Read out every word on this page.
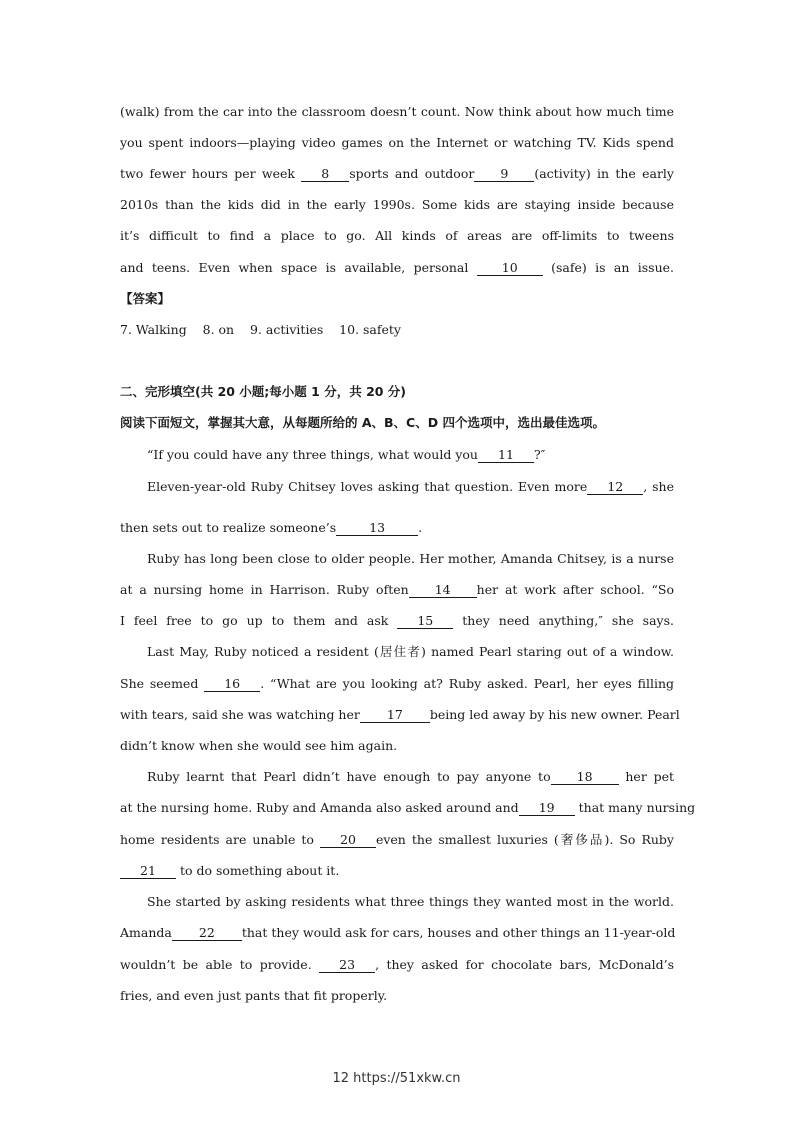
(walk) from the car into the classroom doesn’t count. Now think about how much time
you spent indoors—playing video games on the Internet or watching TV. Kids spend
two fewer hours per week 8 sports and outdoor 9 (activity) in the early
2010s than the kids did in the early 1990s. Some kids are staying inside because
it’s difficult to find a place to go. All kinds of areas are off-limits to tweens
and teens. Even when space is available, personal 10 (safe) is an issue.
【答案】
7. Walking    8. on    9. activities    10. safety
二、完形填空(共 20 小题;每小题 1 分，共 20 分)
阅读下面短文，掌握其大意，从每题所给的 A、B、C、D 四个选项中，选出最佳选项。
“If you could have any three things, what would you 11 ?″
Eleven-year-old Ruby Chitsey loves asking that question. Even more 12 , she
then sets out to realize someone’s	13	.
Ruby has long been close to older people. Her mother, Amanda Chitsey, is a nurse
at a nursing home in Harrison. Ruby often 14 her at work after school. “So
I feel free to go up to them and ask 15 they need anything,″ she says.
Last May, Ruby noticed a resident (居住者) named Pearl staring out of a window.
She seemed 16 . “What are you looking at? Ruby asked. Pearl, her eyes filling
with tears, said she was watching her 17 being led away by his new owner. Pearl
didn’t know when she would see him again.
Ruby learnt that Pearl didn’t have enough to pay anyone to 18 her pet
at the nursing home. Ruby and Amanda also asked around and 19 that many nursing
home residents are unable to 20 even the smallest luxuries (奢侈品). So Ruby
21 to do something about it.
She started by asking residents what three things they wanted most in the world.
Amanda 22 that they would ask for cars, houses and other things an 11-year-old
wouldn’t be able to provide. 23 , they asked for chocolate bars, McDonald’s
fries, and even just pants that fit properly.
12 https://51xkw.cn
